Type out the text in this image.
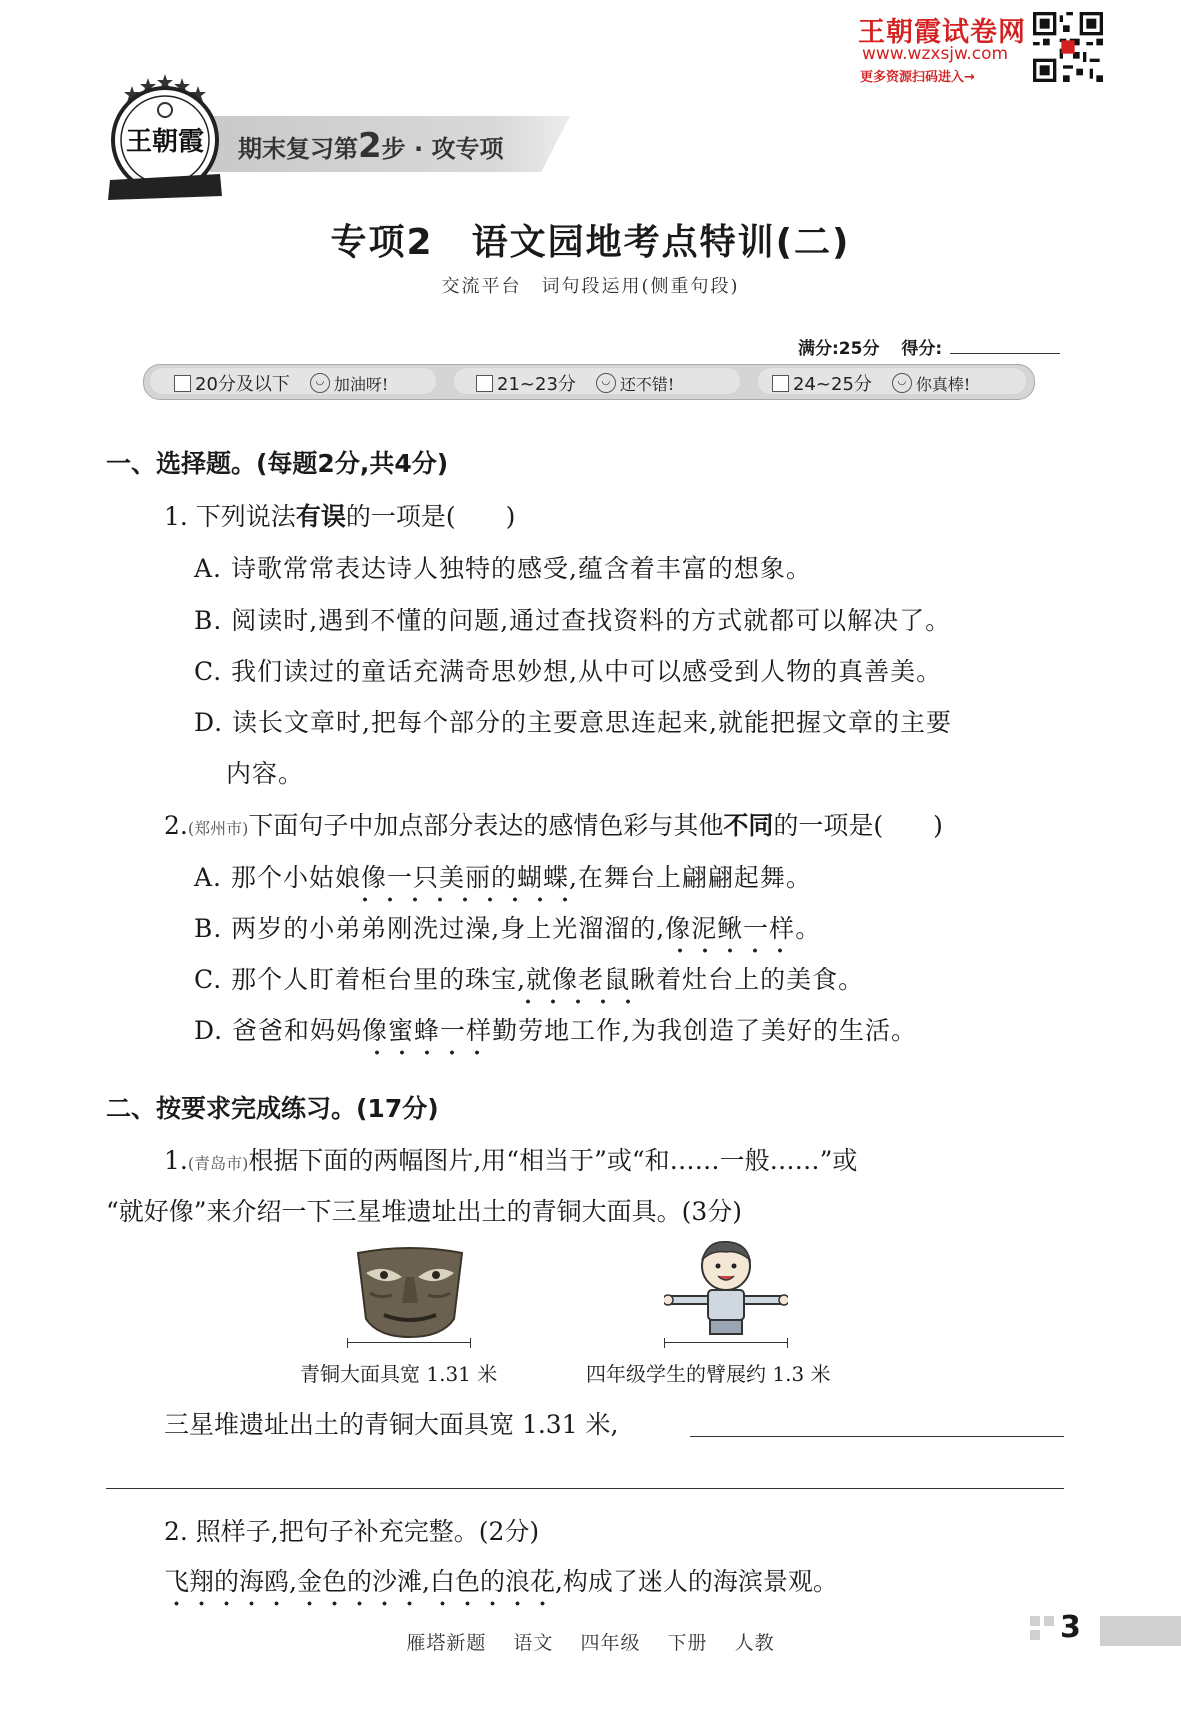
王朝霞试卷网
www.wzxsjw.com
更多资源扫码进入→
期末复习第2步 · 攻专项
王朝霞
专项2　语文园地考点特训(二)
交流平台　词句段运用(侧重句段)
满分:25分 得分:
20分及以下	◡ 加油呀!	21~23分	◡ 还不错!	24~25分	◡ 你真棒!
一、选择题。(每题2分,共4分)
1. 下列说法有误的一项是(　　)
A. 诗歌常常表达诗人独特的感受,蕴含着丰富的想象。
B. 阅读时,遇到不懂的问题,通过查找资料的方式就都可以解决了。
C. 我们读过的童话充满奇思妙想,从中可以感受到人物的真善美。
D. 读长文章时,把每个部分的主要意思连起来,就能把握文章的主要
内容。
2.(郑州市)下面句子中加点部分表达的感情色彩与其他不同的一项是(　　)
A. 那个小姑娘像一只美丽的蝴蝶,在舞台上翩翩起舞。
B. 两岁的小弟弟刚洗过澡,身上光溜溜的,像泥鳅一样。
C. 那个人盯着柜台里的珠宝,就像老鼠瞅着灶台上的美食。
D. 爸爸和妈妈像蜜蜂一样勤劳地工作,为我创造了美好的生活。
二、按要求完成练习。(17分)
1.(青岛市)根据下面的两幅图片,用“相当于”或“和……一般……”或
“就好像”来介绍一下三星堆遗址出土的青铜大面具。(3分)
青铜大面具宽 1.31 米	四年级学生的臂展约 1.3 米
三星堆遗址出土的青铜大面具宽 1.31 米,
2. 照样子,把句子补充完整。(2分)
飞翔的海鸥,金色的沙滩,白色的浪花,构成了迷人的海滨景观。
雁塔新题 语文 四年级 下册 人教	3
